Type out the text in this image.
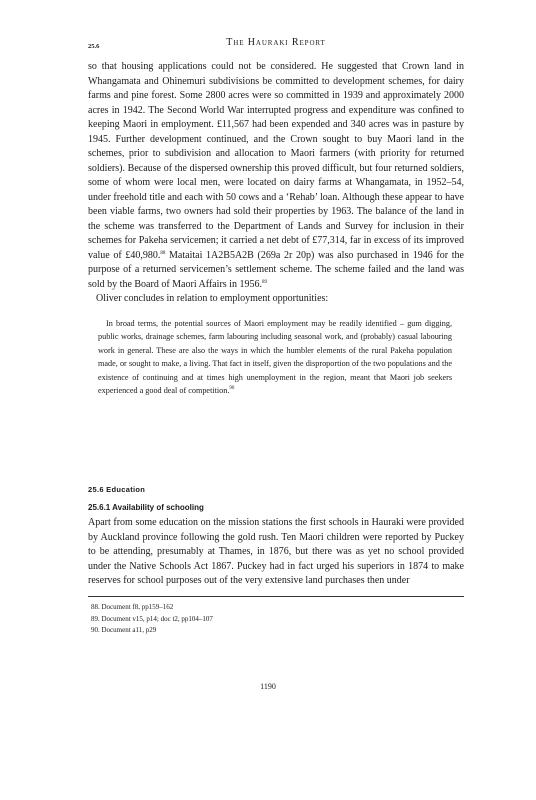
25.6	The Hauraki Report

so that housing applications could not be considered. He suggested that Crown land in Whangamata and Ohinemuri subdivisions be committed to development schemes, for dairy farms and pine forest. Some 2800 acres were so committed in 1939 and approximately 2000 acres in 1942. The Second World War interrupted progress and expenditure was confined to keeping Maori in employment. £11,567 had been expended and 340 acres was in pasture by 1945. Further development continued, and the Crown sought to buy Maori land in the schemes, prior to subdivision and allocation to Maori farmers (with priority for returned soldiers). Because of the dispersed ownership this proved difficult, but four returned soldiers, some of whom were local men, were located on dairy farms at Whangamata, in 1952–54, under freehold title and each with 50 cows and a ‘Rehab’ loan. Although these appear to have been viable farms, two owners had sold their properties by 1963. The balance of the land in the scheme was transferred to the Department of Lands and Survey for inclusion in their schemes for Pakeha servicemen; it carried a net debt of £77,314, far in excess of its improved value of £40,980.88 Mataitai 1A2B5A2B (269a 2r 20p) was also purchased in 1946 for the purpose of a returned servicemen’s settlement scheme. The scheme failed and the land was sold by the Board of Maori Affairs in 1956.89

Oliver concludes in relation to employment opportunities:

In broad terms, the potential sources of Maori employment may be readily identified – gum digging, public works, drainage schemes, farm labouring including seasonal work, and (probably) casual labouring work in general. These are also the ways in which the humbler elements of the rural Pakeha population made, or sought to make, a living. That fact in itself, given the disproportion of the two populations and the existence of continuing and at times high unemployment in the region, meant that Maori job seekers experienced a good deal of competition.$^{90}$

25.6 Education
25.6.1 Availability of schooling

Apart from some education on the mission stations the first schools in Hauraki were provided by Auckland province following the gold rush. Ten Maori children were reported by Puckey to be attending, presumably at Thames, in 1876, but there was as yet no school provided under the Native Schools Act 1867. Puckey had in fact urged his superiors in 1874 to make reserves for school purposes out of the very extensive land purchases then under

88. Document f8, pp159–162
89. Document v15, p14; doc t2, pp104–107
90. Document a11, p29
1190
